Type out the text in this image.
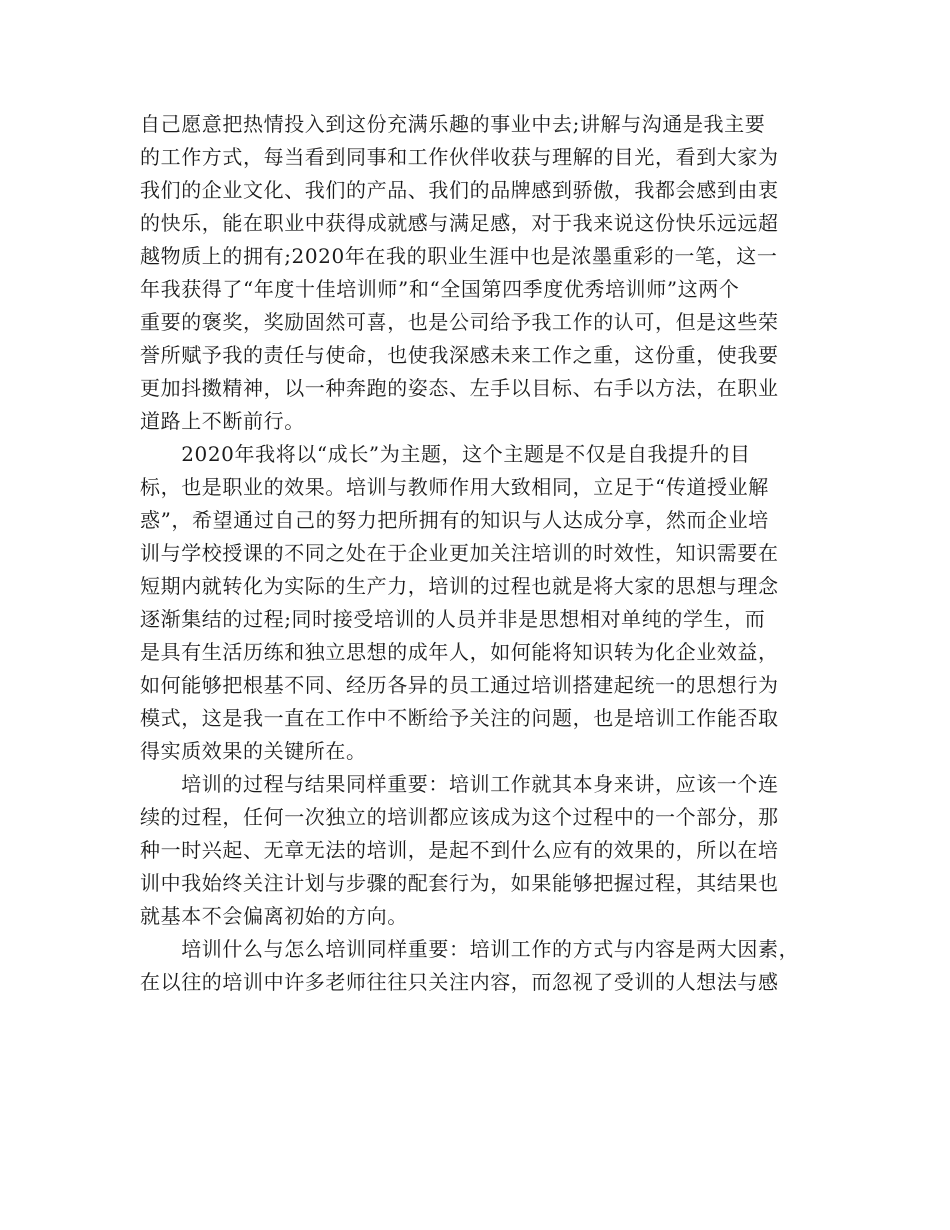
自己愿意把热情投入到这份充满乐趣的事业中去;讲解与沟通是我主要
的工作方式，每当看到同事和工作伙伴收获与理解的目光，看到大家为
我们的企业文化、我们的产品、我们的品牌感到骄傲，我都会感到由衷
的快乐，能在职业中获得成就感与满足感，对于我来说这份快乐远远超
越物质上的拥有;2020年在我的职业生涯中也是浓墨重彩的一笔，这一
年我获得了“年度十佳培训师”和“全国第四季度优秀培训师”这两个
重要的褒奖，奖励固然可喜，也是公司给予我工作的认可，但是这些荣
誉所赋予我的责任与使命，也使我深感未来工作之重，这份重，使我要
更加抖擞精神，以一种奔跑的姿态、左手以目标、右手以方法，在职业
道路上不断前行。
　　2020年我将以“成长”为主题，这个主题是不仅是自我提升的目
标，也是职业的效果。培训与教师作用大致相同，立足于“传道授业解
惑”，希望通过自己的努力把所拥有的知识与人达成分享，然而企业培
训与学校授课的不同之处在于企业更加关注培训的时效性，知识需要在
短期内就转化为实际的生产力，培训的过程也就是将大家的思想与理念
逐渐集结的过程;同时接受培训的人员并非是思想相对单纯的学生，而
是具有生活历练和独立思想的成年人，如何能将知识转为化企业效益，
如何能够把根基不同、经历各异的员工通过培训搭建起统一的思想行为
模式，这是我一直在工作中不断给予关注的问题，也是培训工作能否取
得实质效果的关键所在。
　　培训的过程与结果同样重要：培训工作就其本身来讲，应该一个连
续的过程，任何一次独立的培训都应该成为这个过程中的一个部分，那
种一时兴起、无章无法的培训，是起不到什么应有的效果的，所以在培
训中我始终关注计划与步骤的配套行为，如果能够把握过程，其结果也
就基本不会偏离初始的方向。
　　培训什么与怎么培训同样重要：培训工作的方式与内容是两大因素，
在以往的培训中许多老师往往只关注内容，而忽视了受训的人想法与感
